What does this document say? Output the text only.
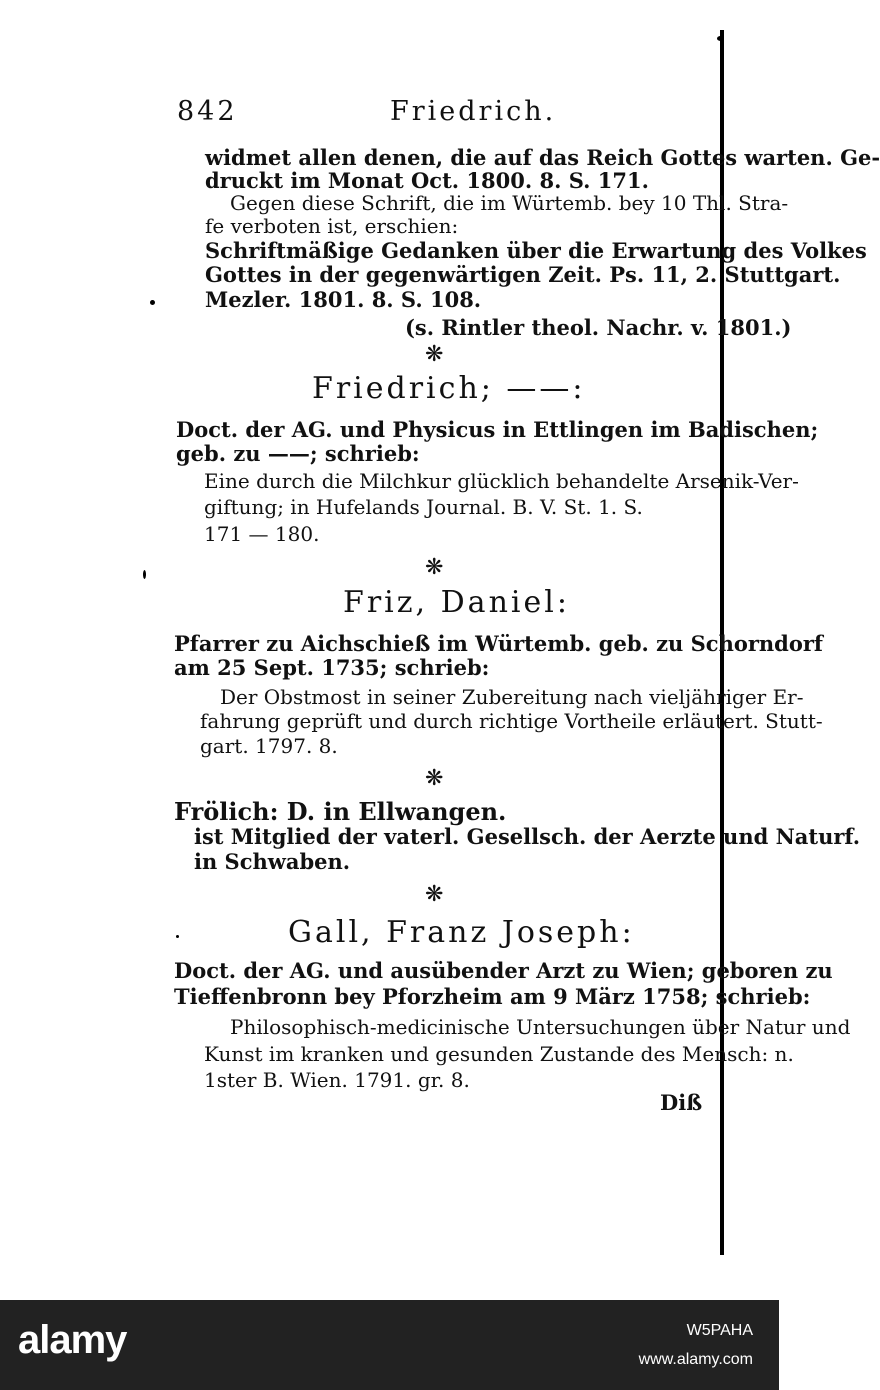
842	Friedrich.
widmet allen denen, die auf das Reich Gottes warten. Ge-
druckt im Monat Oct. 1800. 8. S. 171.
Gegen diese Schrift, die im Würtemb. bey 10 Thl. Stra-
fe verboten ist, erschien:
Schriftmäßige Gedanken über die Erwartung des Volkes
Gottes in der gegenwärtigen Zeit. Ps. 11, 2. Stuttgart.
Mezler. 1801. 8. S. 108.
(s. Rintler theol. Nachr. v. 1801.)
❋
Friedrich; ——:
Doct. der AG. und Physicus in Ettlingen im Badischen;
geb. zu ——; schrieb:
Eine durch die Milchkur glücklich behandelte Arsenik-Ver-
giftung; in Hufelands Journal. B. V. St. 1. S.
171 — 180.
❋
Friz, Daniel:
Pfarrer zu Aichschieß im Würtemb. geb. zu Schorndorf
am 25 Sept. 1735; schrieb:
Der Obstmost in seiner Zubereitung nach vieljähriger Er-
fahrung geprüft und durch richtige Vortheile erläutert. Stutt-
gart. 1797. 8.
❋
Frölich: D. in Ellwangen.
ist Mitglied der vaterl. Gesellsch. der Aerzte und Naturf.
in Schwaben.
❋
Gall, Franz Joseph:
Doct. der AG. und ausübender Arzt zu Wien; geboren zu
Tieffenbronn bey Pforzheim am 9 März 1758; schrieb:
Philosophisch-medicinische Untersuchungen über Natur und
Kunst im kranken und gesunden Zustande des Mensch: n.
1ster B. Wien. 1791. gr. 8.
Diß
alamy	W5PAHA
www.alamy.com
